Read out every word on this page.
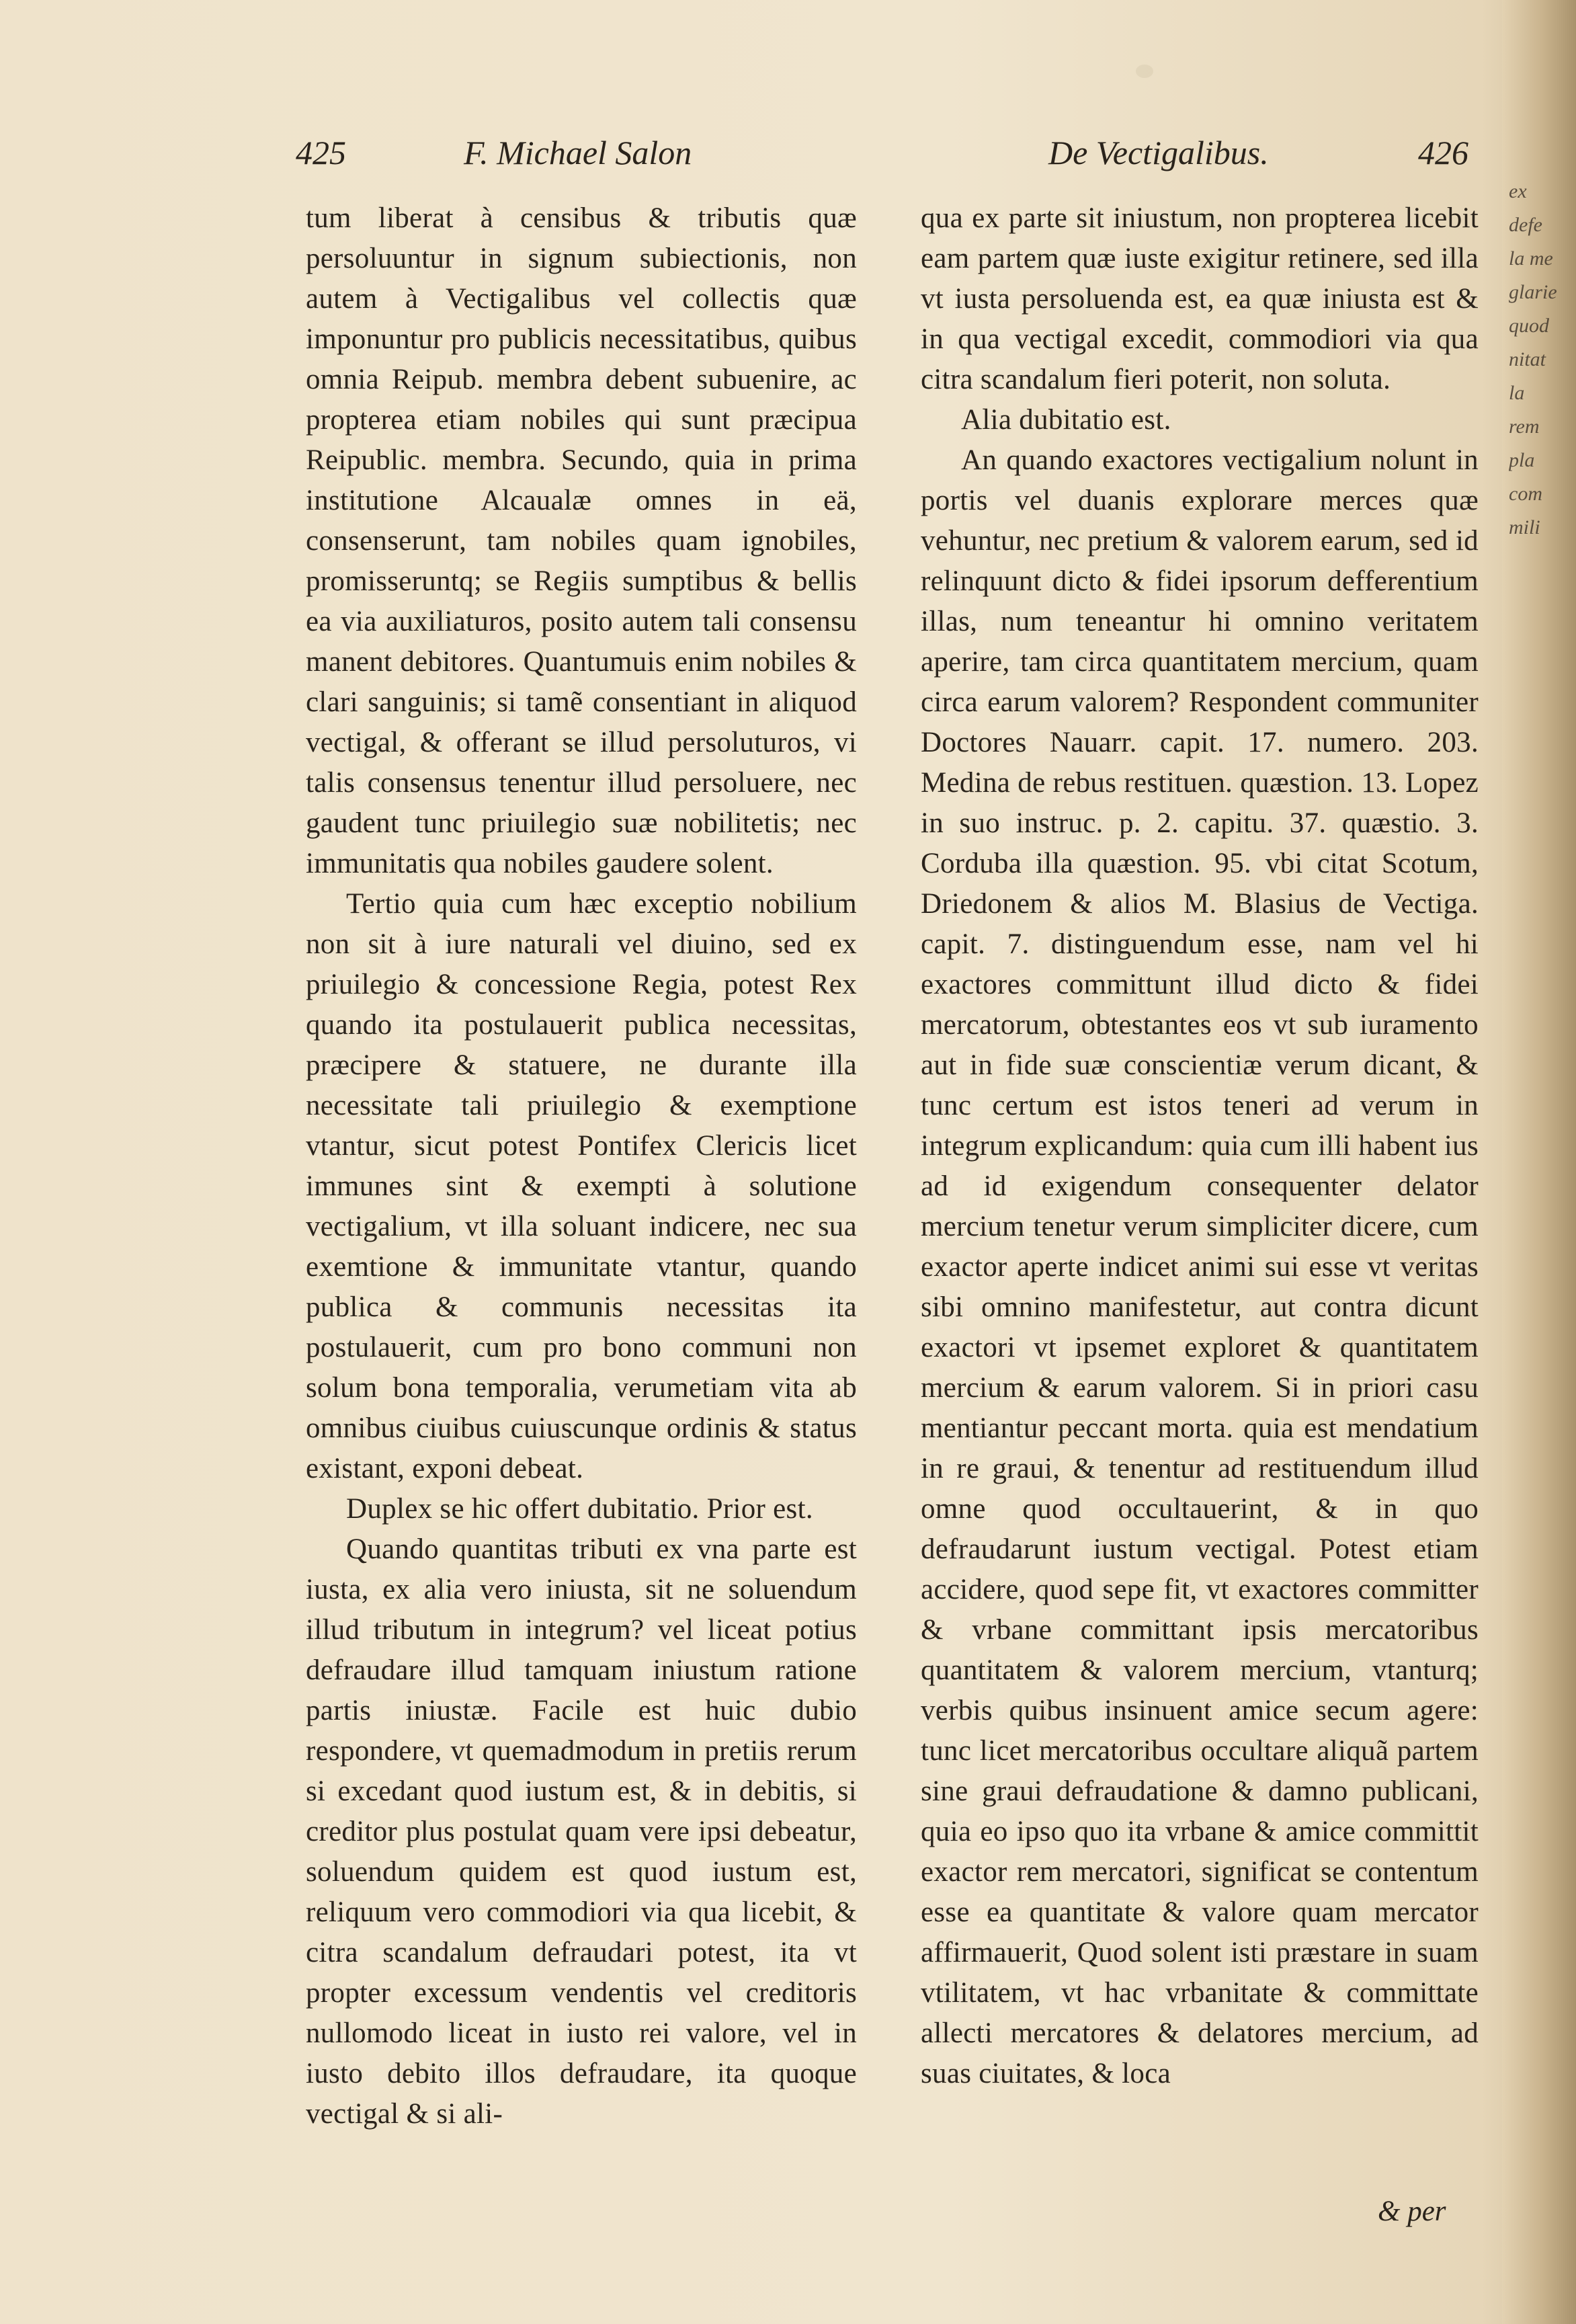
425	F. Michael Salon	De Vectigalibus.	426

tum liberat à censibus & tributis quæ persoluuntur in signum subiectionis, non autem à Vectigalibus vel collectis quæ imponuntur pro publicis necessitatibus, quibus omnia Reipub. membra debent subuenire, ac propterea etiam nobiles qui sunt præcipua Reipublic. membra. Secundo, quia in prima institutione Alcaualæ omnes in eä, consenserunt, tam nobiles quam ignobiles, promisseruntq; se Regiis sumptibus & bellis ea via auxiliaturos, posito autem tali consensu manent debitores. Quantumuis enim nobiles & clari sanguinis; si tamẽ consentiant in aliquod vectigal, & offerant se illud persoluturos, vi talis consensus tenentur illud persoluere, nec gaudent tunc priuilegio suæ nobilitetis; nec immunitatis qua nobiles gaudere solent.

Tertio quia cum hæc exceptio nobilium non sit à iure naturali vel diuino, sed ex priuilegio & concessione Regia, potest Rex quando ita postulauerit publica necessitas, præcipere & statuere, ne durante illa necessitate tali priuilegio & exemptione vtantur, sicut potest Pontifex Clericis licet immunes sint & exempti à solutione vectigalium, vt illa soluant indicere, nec sua exemtione & immunitate vtantur, quando publica & communis necessitas ita postulauerit, cum pro bono communi non solum bona temporalia, verumetiam vita ab omnibus ciuibus cuiuscunque ordinis & status existant, exponi debeat.

Duplex se hic offert dubitatio. Prior est.

Quando quantitas tributi ex vna parte est iusta, ex alia vero iniusta, sit ne soluendum illud tributum in integrum? vel liceat potius defraudare illud tamquam iniustum ratione partis iniustæ. Facile est huic dubio respondere, vt quemadmodum in pretiis rerum si excedant quod iustum est, & in debitis, si creditor plus postulat quam vere ipsi debeatur, soluendum quidem est quod iustum est, reliquum vero commodiori via qua licebit, & citra scandalum defraudari potest, ita vt propter excessum vendentis vel creditoris nullomodo liceat in iusto rei valore, vel in iusto debito illos defraudare, ita quoque vectigal & si ali-

qua ex parte sit iniustum, non propterea licebit eam partem quæ iuste exigitur retinere, sed illa vt iusta persoluenda est, ea quæ iniusta est & in qua vectigal excedit, commodiori via qua citra scandalum fieri poterit, non soluta.

Alia dubitatio est.

An quando exactores vectigalium nolunt in portis vel duanis explorare merces quæ vehuntur, nec pretium & valorem earum, sed id relinquunt dicto & fidei ipsorum defferentium illas, num teneantur hi omnino veritatem aperire, tam circa quantitatem mercium, quam circa earum valorem? Respondent communiter Doctores Nauarr. capit. 17. numero. 203. Medina de rebus restituen. quæstion. 13. Lopez in suo instruc. p. 2. capitu. 37. quæstio. 3. Corduba illa quæstion. 95. vbi citat Scotum, Driedonem & alios M. Blasius de Vectiga. capit. 7. distinguendum esse, nam vel hi exactores committunt illud dicto & fidei mercatorum, obtestantes eos vt sub iuramento aut in fide suæ conscientiæ verum dicant, & tunc certum est istos teneri ad verum in integrum explicandum: quia cum illi habent ius ad id exigendum consequenter delator mercium tenetur verum simpliciter dicere, cum exactor aperte indicet animi sui esse vt veritas sibi omnino manifestetur, aut contra dicunt exactori vt ipsemet exploret & quantitatem mercium & earum valorem. Si in priori casu mentiantur peccant morta. quia est mendatium in re graui, & tenentur ad restituendum illud omne quod occultauerint, & in quo defraudarunt iustum vectigal. Potest etiam accidere, quod sepe fit, vt exactores committer & vrbane committant ipsis mercatoribus quantitatem & valorem mercium, vtanturq; verbis quibus insinuent amice secum agere: tunc licet mercatoribus occultare aliquã partem sine graui defraudatione & damno publicani, quia eo ipso quo ita vrbane & amice committit exactor rem mercatori, significat se contentum esse ea quantitate & valore quam mercator affirmauerit, Quod solent isti præstare in suam vtilitatem, vt hac vrbanitate & committate allecti mercatores & delatores mercium, ad suas ciuitates, & loca

& per
ex
defe
la me
glarie
quod
nitat
la
rem
pla
com
mili
